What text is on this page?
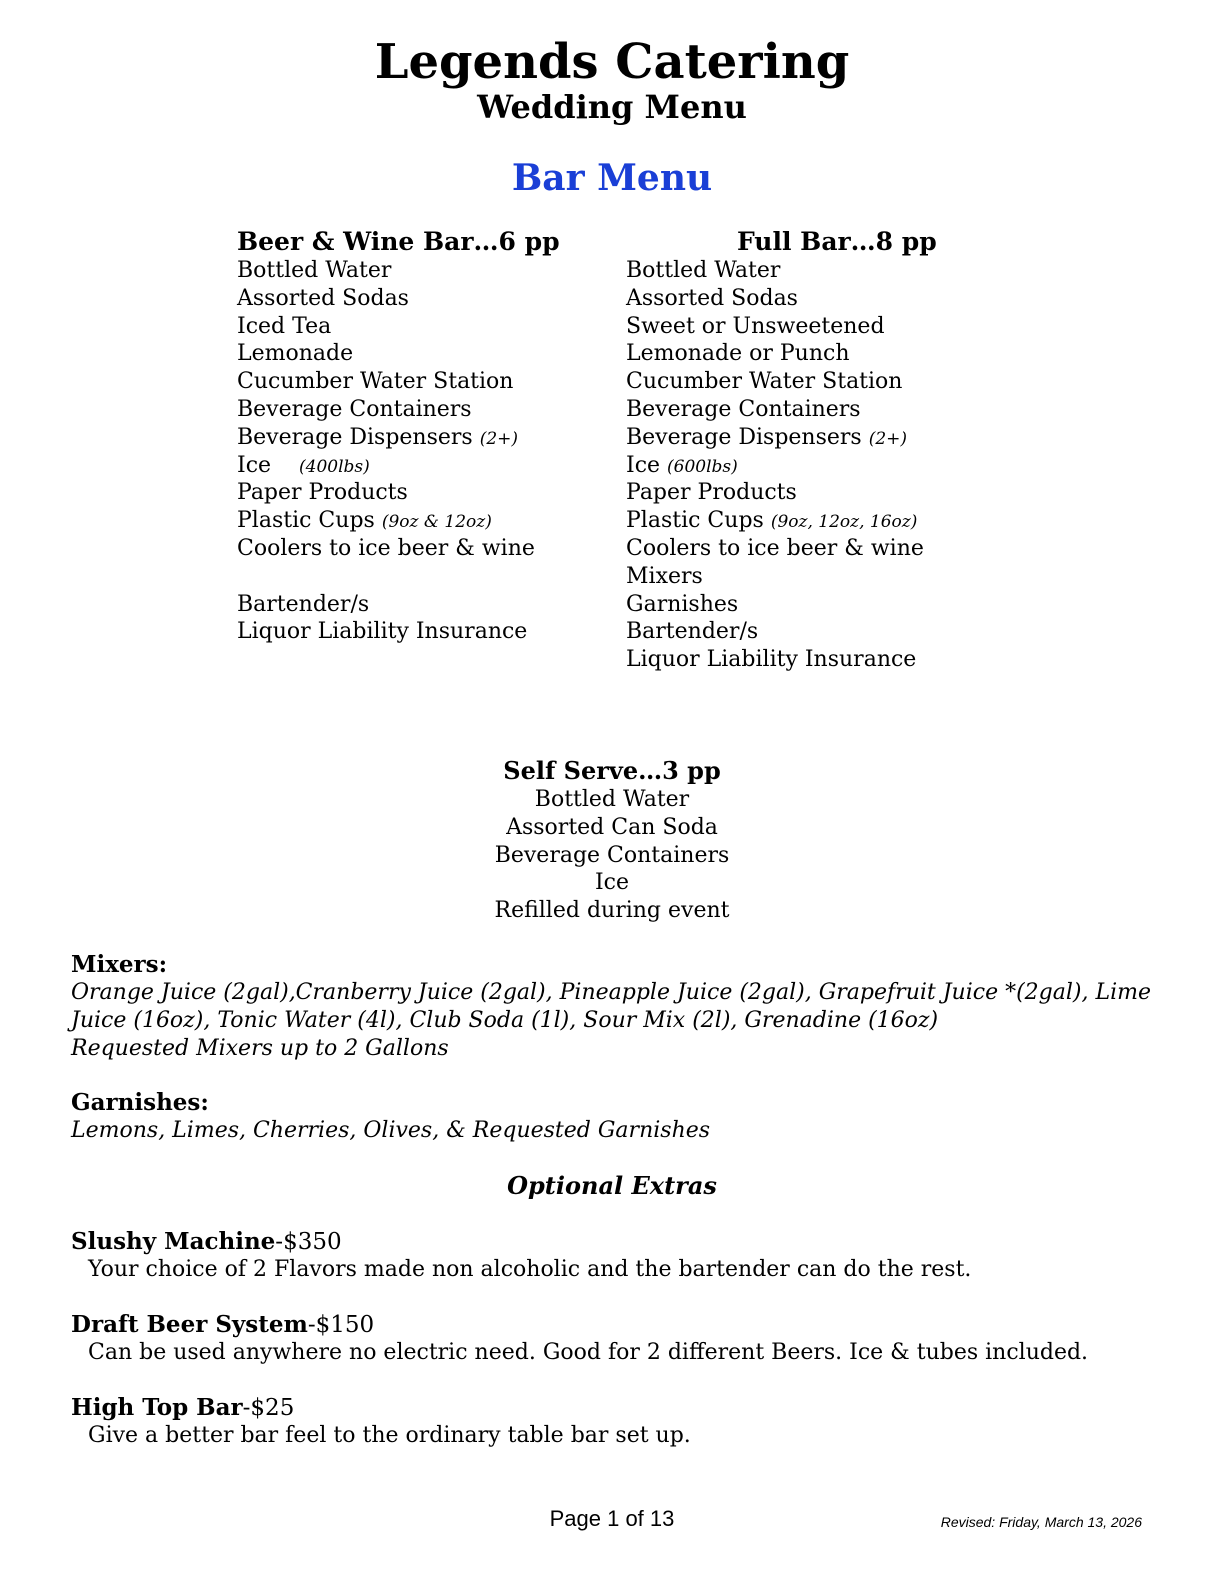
Legends Catering
Wedding Menu
Bar Menu
Beer & Wine Bar…6 pp
Bottled Water
Assorted Sodas
Iced Tea
Lemonade
Cucumber Water Station
Beverage Containers
Beverage Dispensers (2+)
Ice (400lbs)
Paper Products
Plastic Cups (9oz & 12oz)
Coolers to ice beer & wine
Bartender/s
Liquor Liability Insurance
Full Bar…8 pp
Bottled Water
Assorted Sodas
Sweet or Unsweetened
Lemonade or Punch
Cucumber Water Station
Beverage Containers
Beverage Dispensers (2+)
Ice (600lbs)
Paper Products
Plastic Cups (9oz, 12oz, 16oz)
Coolers to ice beer & wine
Mixers
Garnishes
Bartender/s
Liquor Liability Insurance
Self Serve…3 pp
Bottled Water
Assorted Can Soda
Beverage Containers
Ice
Refilled during event
Mixers:
Orange Juice (2gal),Cranberry Juice (2gal), Pineapple Juice (2gal), Grapefruit Juice *(2gal), Lime Juice (16oz), Tonic Water (4l), Club Soda (1l), Sour Mix (2l), Grenadine (16oz)
Requested Mixers up to 2 Gallons
Garnishes:
Lemons, Limes, Cherries, Olives, & Requested Garnishes
Optional Extras
Slushy Machine-$350
Your choice of 2 Flavors made non alcoholic and the bartender can do the rest.
Draft Beer System-$150
Can be used anywhere no electric need. Good for 2 different Beers. Ice & tubes included.
High Top Bar-$25
Give a better bar feel to the ordinary table bar set up.
Page 1 of 13	Revised: Friday, March 13, 2026
